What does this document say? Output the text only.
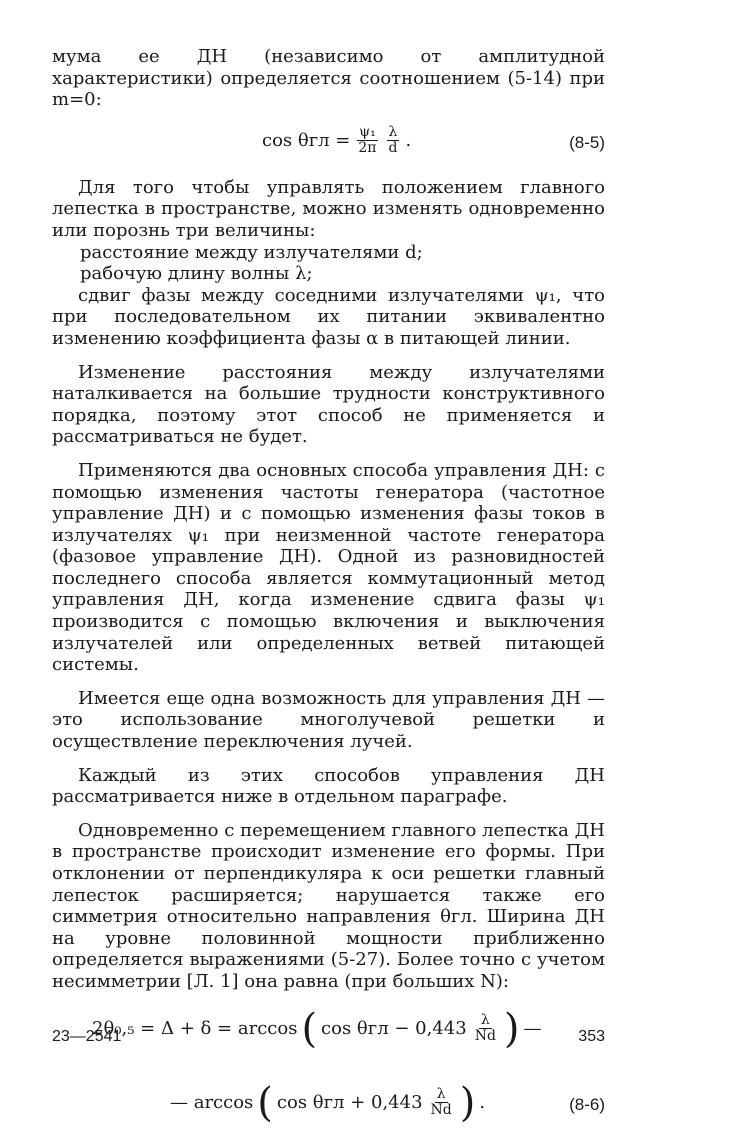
мума ее ДН (независимо от амплитудной характеристики) определяется соотношением (5-14) при m=0:

$\cos \theta гл = \frac{\text{ψ₁}}{2\pi} \frac{\lambda}{d}$ .	(8-5)

Для того чтобы управлять положением главного лепестка в пространстве, можно изменять одновременно или порознь три величины:

расстояние между излучателями d;

рабочую длину волны λ;

сдвиг фазы между соседними излучателями ψ₁, что при последовательном их питании эквивалентно изменению коэффициента фазы α в питающей линии.

Изменение расстояния между излучателями наталкивается на большие трудности конструктивного порядка, поэтому этот способ не применяется и рассматриваться не будет.

Применяются два основных способа управления ДН: с помощью изменения частоты генератора (частотное управление ДН) и с помощью изменения фазы токов в излучателях ψ₁ при неизменной частоте генератора (фазовое управление ДН). Одной из разновидностей последнего способа является коммутационный метод управления ДН, когда изменение сдвига фазы ψ₁ производится с помощью включения и выключения излучателей или определенных ветвей питающей системы.

Имеется еще одна возможность для управления ДН — это использование многолучевой решетки и осуществление переключения лучей.

Каждый из этих способов управления ДН рассматривается ниже в отдельном параграфе.

Одновременно с перемещением главного лепестка ДН в пространстве происходит изменение его формы. При отклонении от перпендикуляра к оси решетки главный лепесток расширяется; нарушается также его симметрия относительно направления θгл. Ширина ДН на уровне половинной мощности приближенно определяется выражениями (5-27). Более точно с учетом несимметрии [Л. 1] она равна (при больших N):

2θ₀,₅ = Δ + δ = arccos ( $\cos \theta гл - 0,443 \frac{\lambda}{Nd}$ ) —
— arccos ( $\cos \theta гл + 0,443 \frac{\lambda}{Nd}$ ) .	(8-6)
23—2541	353
